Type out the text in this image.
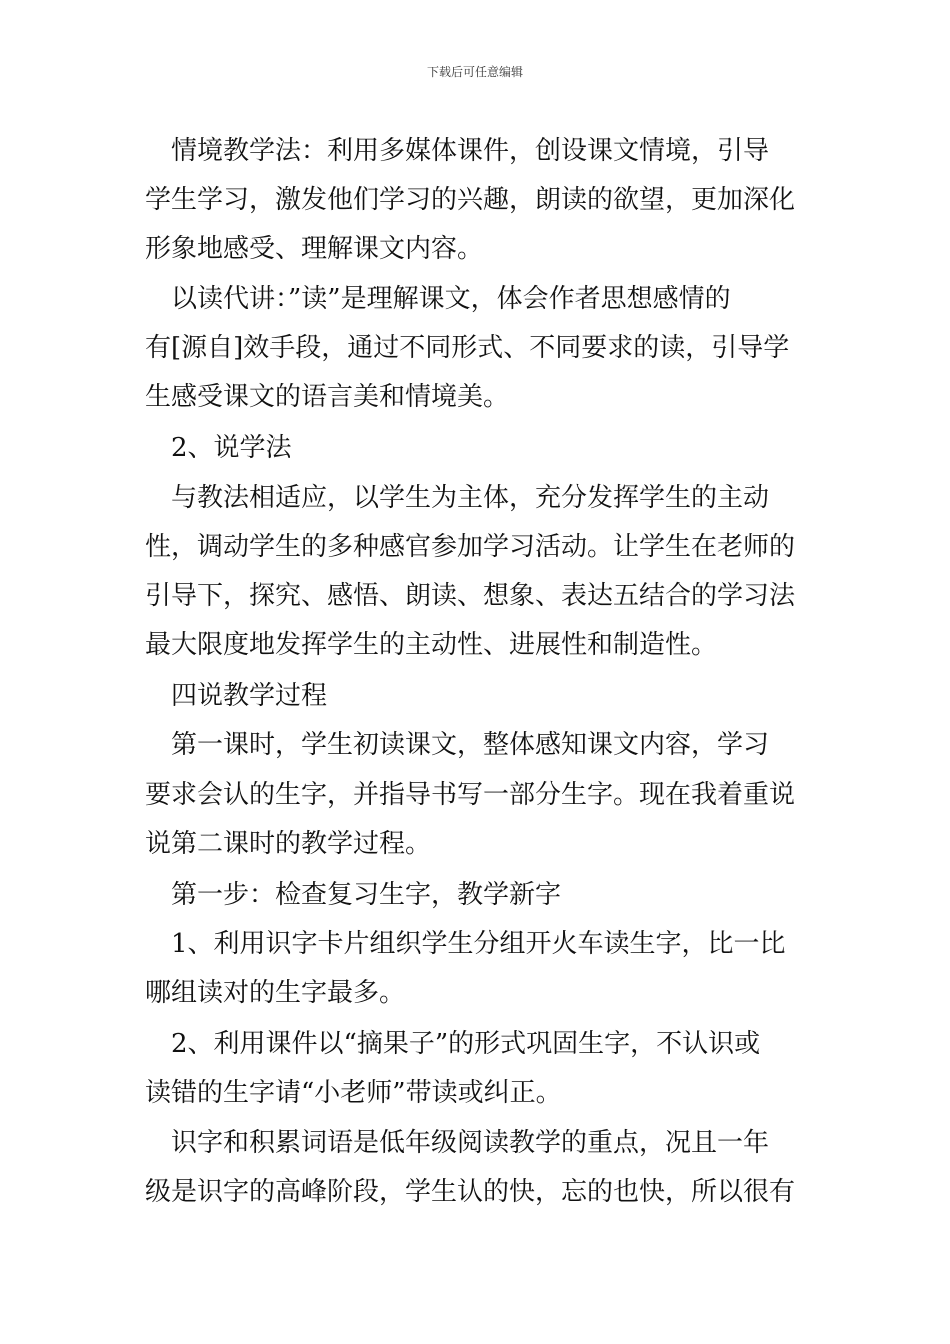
下载后可任意编辑
　情境教学法：利用多媒体课件，创设课文情境，引导
学生学习，激发他们学习的兴趣，朗读的欲望，更加深化
形象地感受、理解课文内容。
　以读代讲：”读”是理解课文，体会作者思想感情的
有[源自]效手段，通过不同形式、不同要求的读，引导学
生感受课文的语言美和情境美。
　2、说学法
　与教法相适应，以学生为主体，充分发挥学生的主动
性，调动学生的多种感官参加学习活动。让学生在老师的
引导下，探究、感悟、朗读、想象、表达五结合的学习法
最大限度地发挥学生的主动性、进展性和制造性。
　四说教学过程
　第一课时，学生初读课文，整体感知课文内容，学习
要求会认的生字，并指导书写一部分生字。现在我着重说
说第二课时的教学过程。
　第一步：检查复习生字，教学新字
　1、利用识字卡片组织学生分组开火车读生字，比一比
哪组读对的生字最多。
　2、利用课件以“摘果子”的形式巩固生字，不认识或
读错的生字请“小老师”带读或纠正。
　识字和积累词语是低年级阅读教学的重点，况且一年
级是识字的高峰阶段，学生认的快，忘的也快，所以很有
